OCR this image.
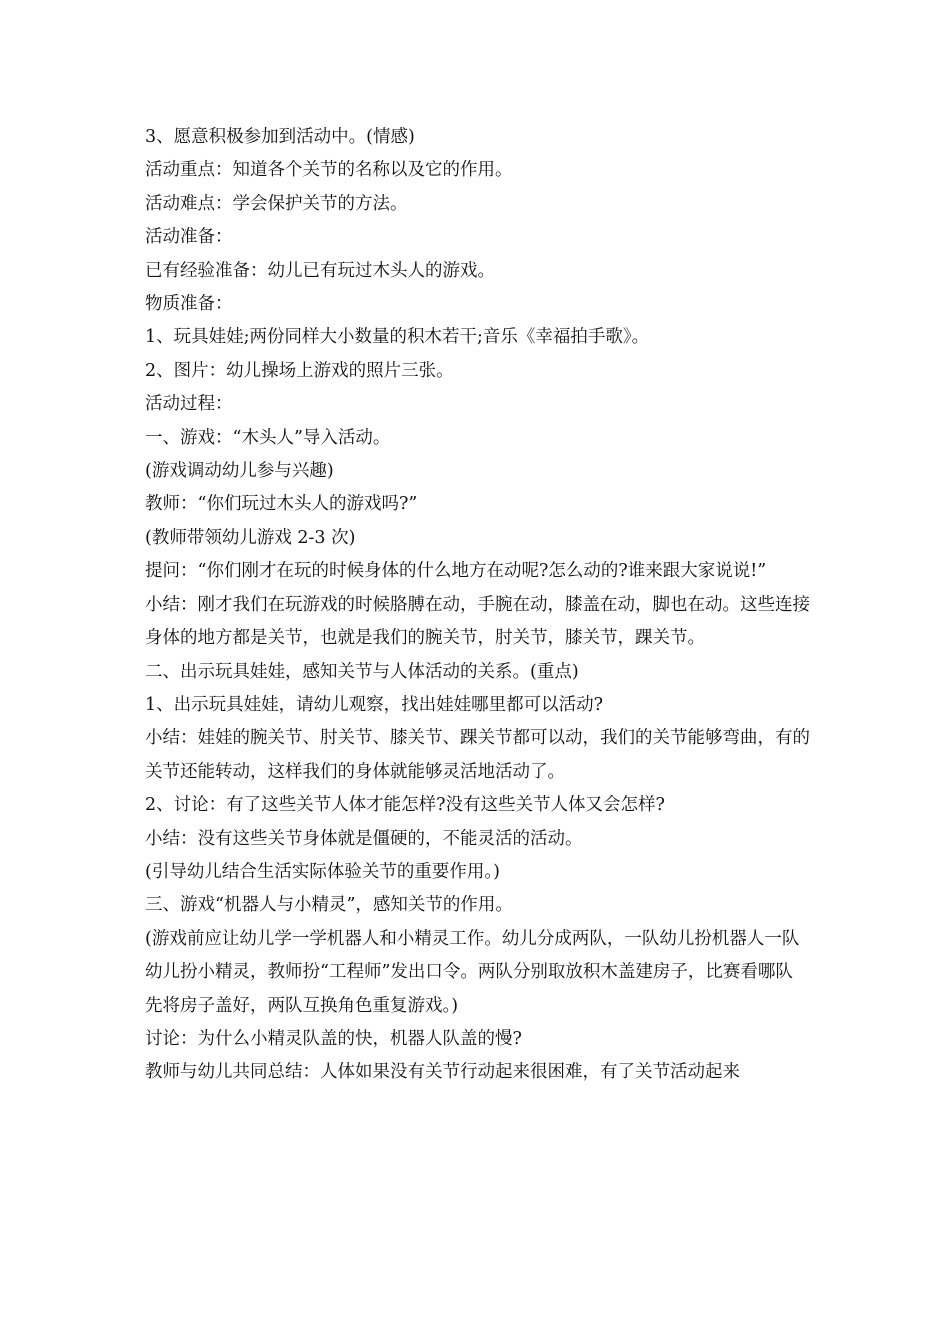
3、愿意积极参加到活动中。(情感)

活动重点：知道各个关节的名称以及它的作用。

活动难点：学会保护关节的方法。

活动准备：

已有经验准备：幼儿已有玩过木头人的游戏。

物质准备：

1、玩具娃娃;两份同样大小数量的积木若干;音乐《幸福拍手歌》。

2、图片：幼儿操场上游戏的照片三张。

活动过程：

一、游戏：“木头人”导入活动。

(游戏调动幼儿参与兴趣)

教师：“你们玩过木头人的游戏吗?”

(教师带领幼儿游戏 2-3 次)

提问：“你们刚才在玩的时候身体的什么地方在动呢?怎么动的?谁来跟大家说说!”

小结：刚才我们在玩游戏的时候胳膊在动，手腕在动，膝盖在动，脚也在动。这些连接身体的地方都是关节，也就是我们的腕关节，肘关节，膝关节，踝关节。

二、出示玩具娃娃，感知关节与人体活动的关系。(重点)

1、出示玩具娃娃，请幼儿观察，找出娃娃哪里都可以活动?

小结：娃娃的腕关节、肘关节、膝关节、踝关节都可以动，我们的关节能够弯曲，有的关节还能转动，这样我们的身体就能够灵活地活动了。

2、讨论：有了这些关节人体才能怎样?没有这些关节人体又会怎样?

小结：没有这些关节身体就是僵硬的，不能灵活的活动。

(引导幼儿结合生活实际体验关节的重要作用。)

三、游戏“机器人与小精灵”，感知关节的作用。

(游戏前应让幼儿学一学机器人和小精灵工作。幼儿分成两队，一队幼儿扮机器人一队幼儿扮小精灵，教师扮“工程师”发出口令。两队分别取放积木盖建房子，比赛看哪队先将房子盖好，两队互换角色重复游戏。)

讨论：为什么小精灵队盖的快，机器人队盖的慢?

教师与幼儿共同总结：人体如果没有关节行动起来很困难，有了关节活动起来
